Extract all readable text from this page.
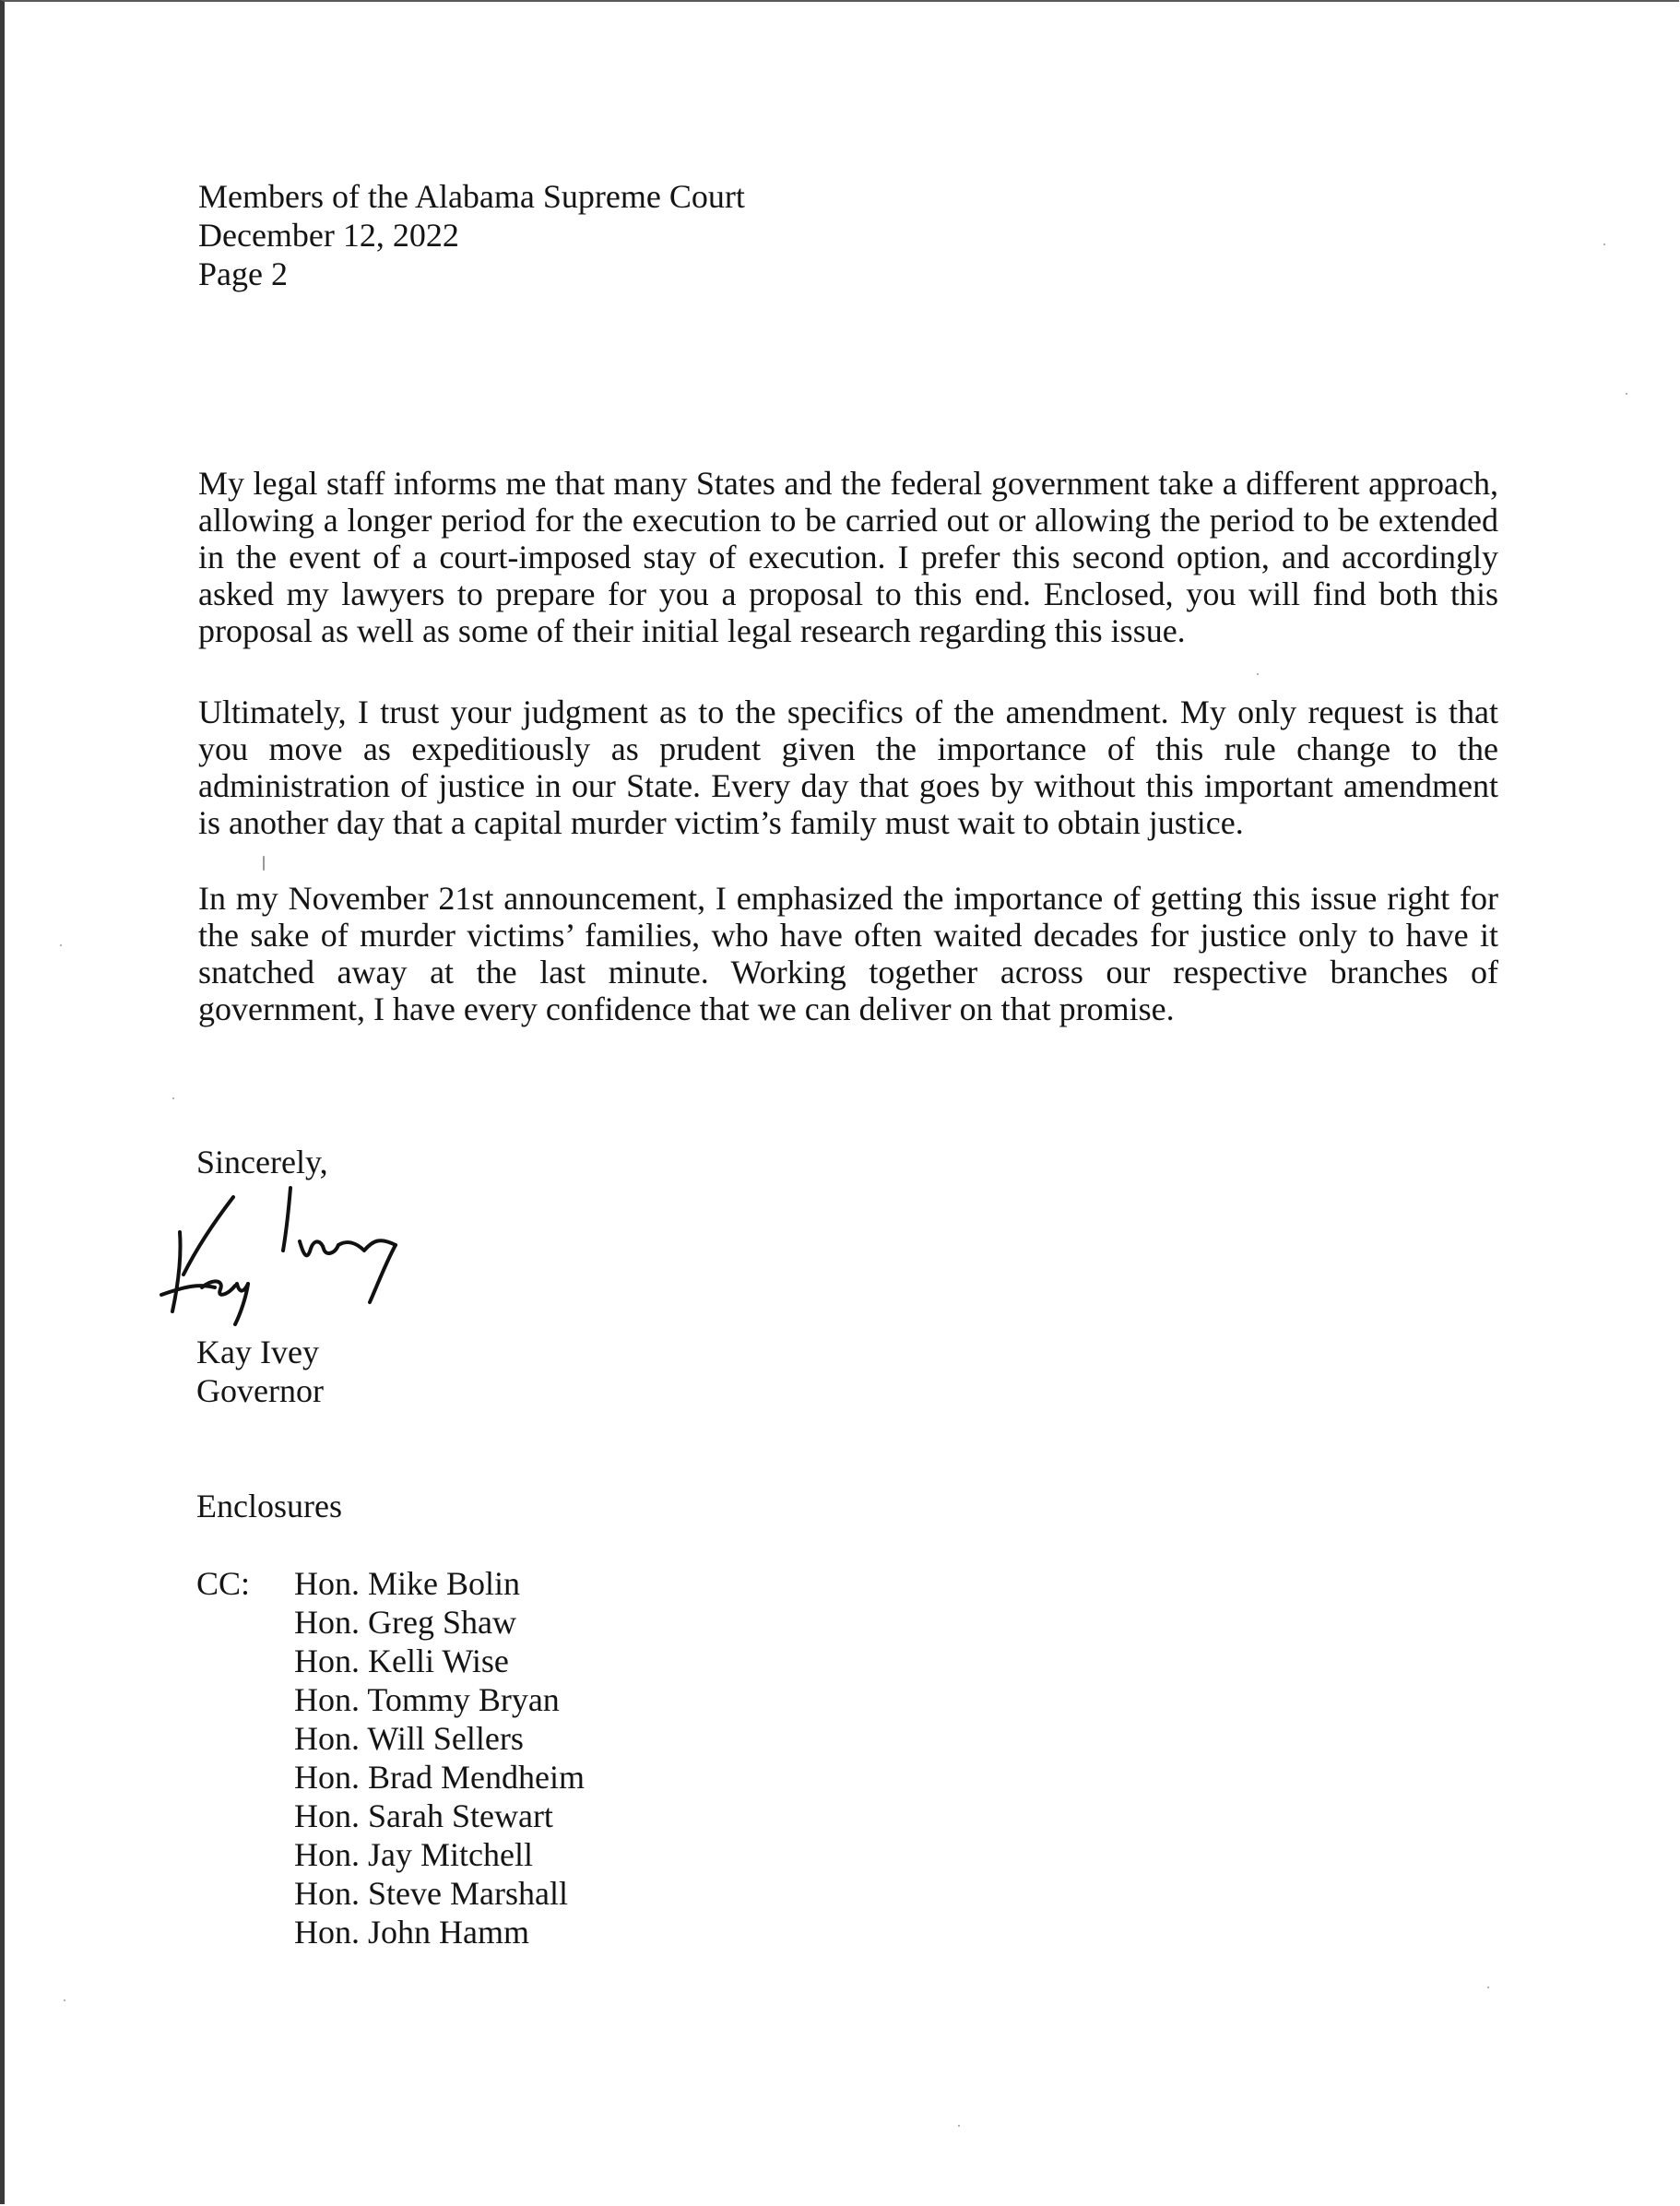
Members of the Alabama Supreme Court
December 12, 2022
Page 2

My legal staff informs me that many States and the federal government take a different approach, allowing a longer period for the execution to be carried out or allowing the period to be extended in the event of a court-imposed stay of execution. I prefer this second option, and accordingly asked my lawyers to prepare for you a proposal to this end. Enclosed, you will find both this proposal as well as some of their initial legal research regarding this issue.

Ultimately, I trust your judgment as to the specifics of the amendment. My only request is that you move as expeditiously as prudent given the importance of this rule change to the administration of justice in our State. Every day that goes by without this important amendment is another day that a capital murder victim’s family must wait to obtain justice.

In my November 21st announcement, I emphasized the importance of getting this issue right for the sake of murder victims’ families, who have often waited decades for justice only to have it snatched away at the last minute. Working together across our respective branches of government, I have every confidence that we can deliver on that promise.

Sincerely,
Kay Ivey
Governor
Enclosures
CC: Hon. Mike Bolin
Hon. Greg Shaw
Hon. Kelli Wise
Hon. Tommy Bryan
Hon. Will Sellers
Hon. Brad Mendheim
Hon. Sarah Stewart
Hon. Jay Mitchell
Hon. Steve Marshall
Hon. John Hamm
